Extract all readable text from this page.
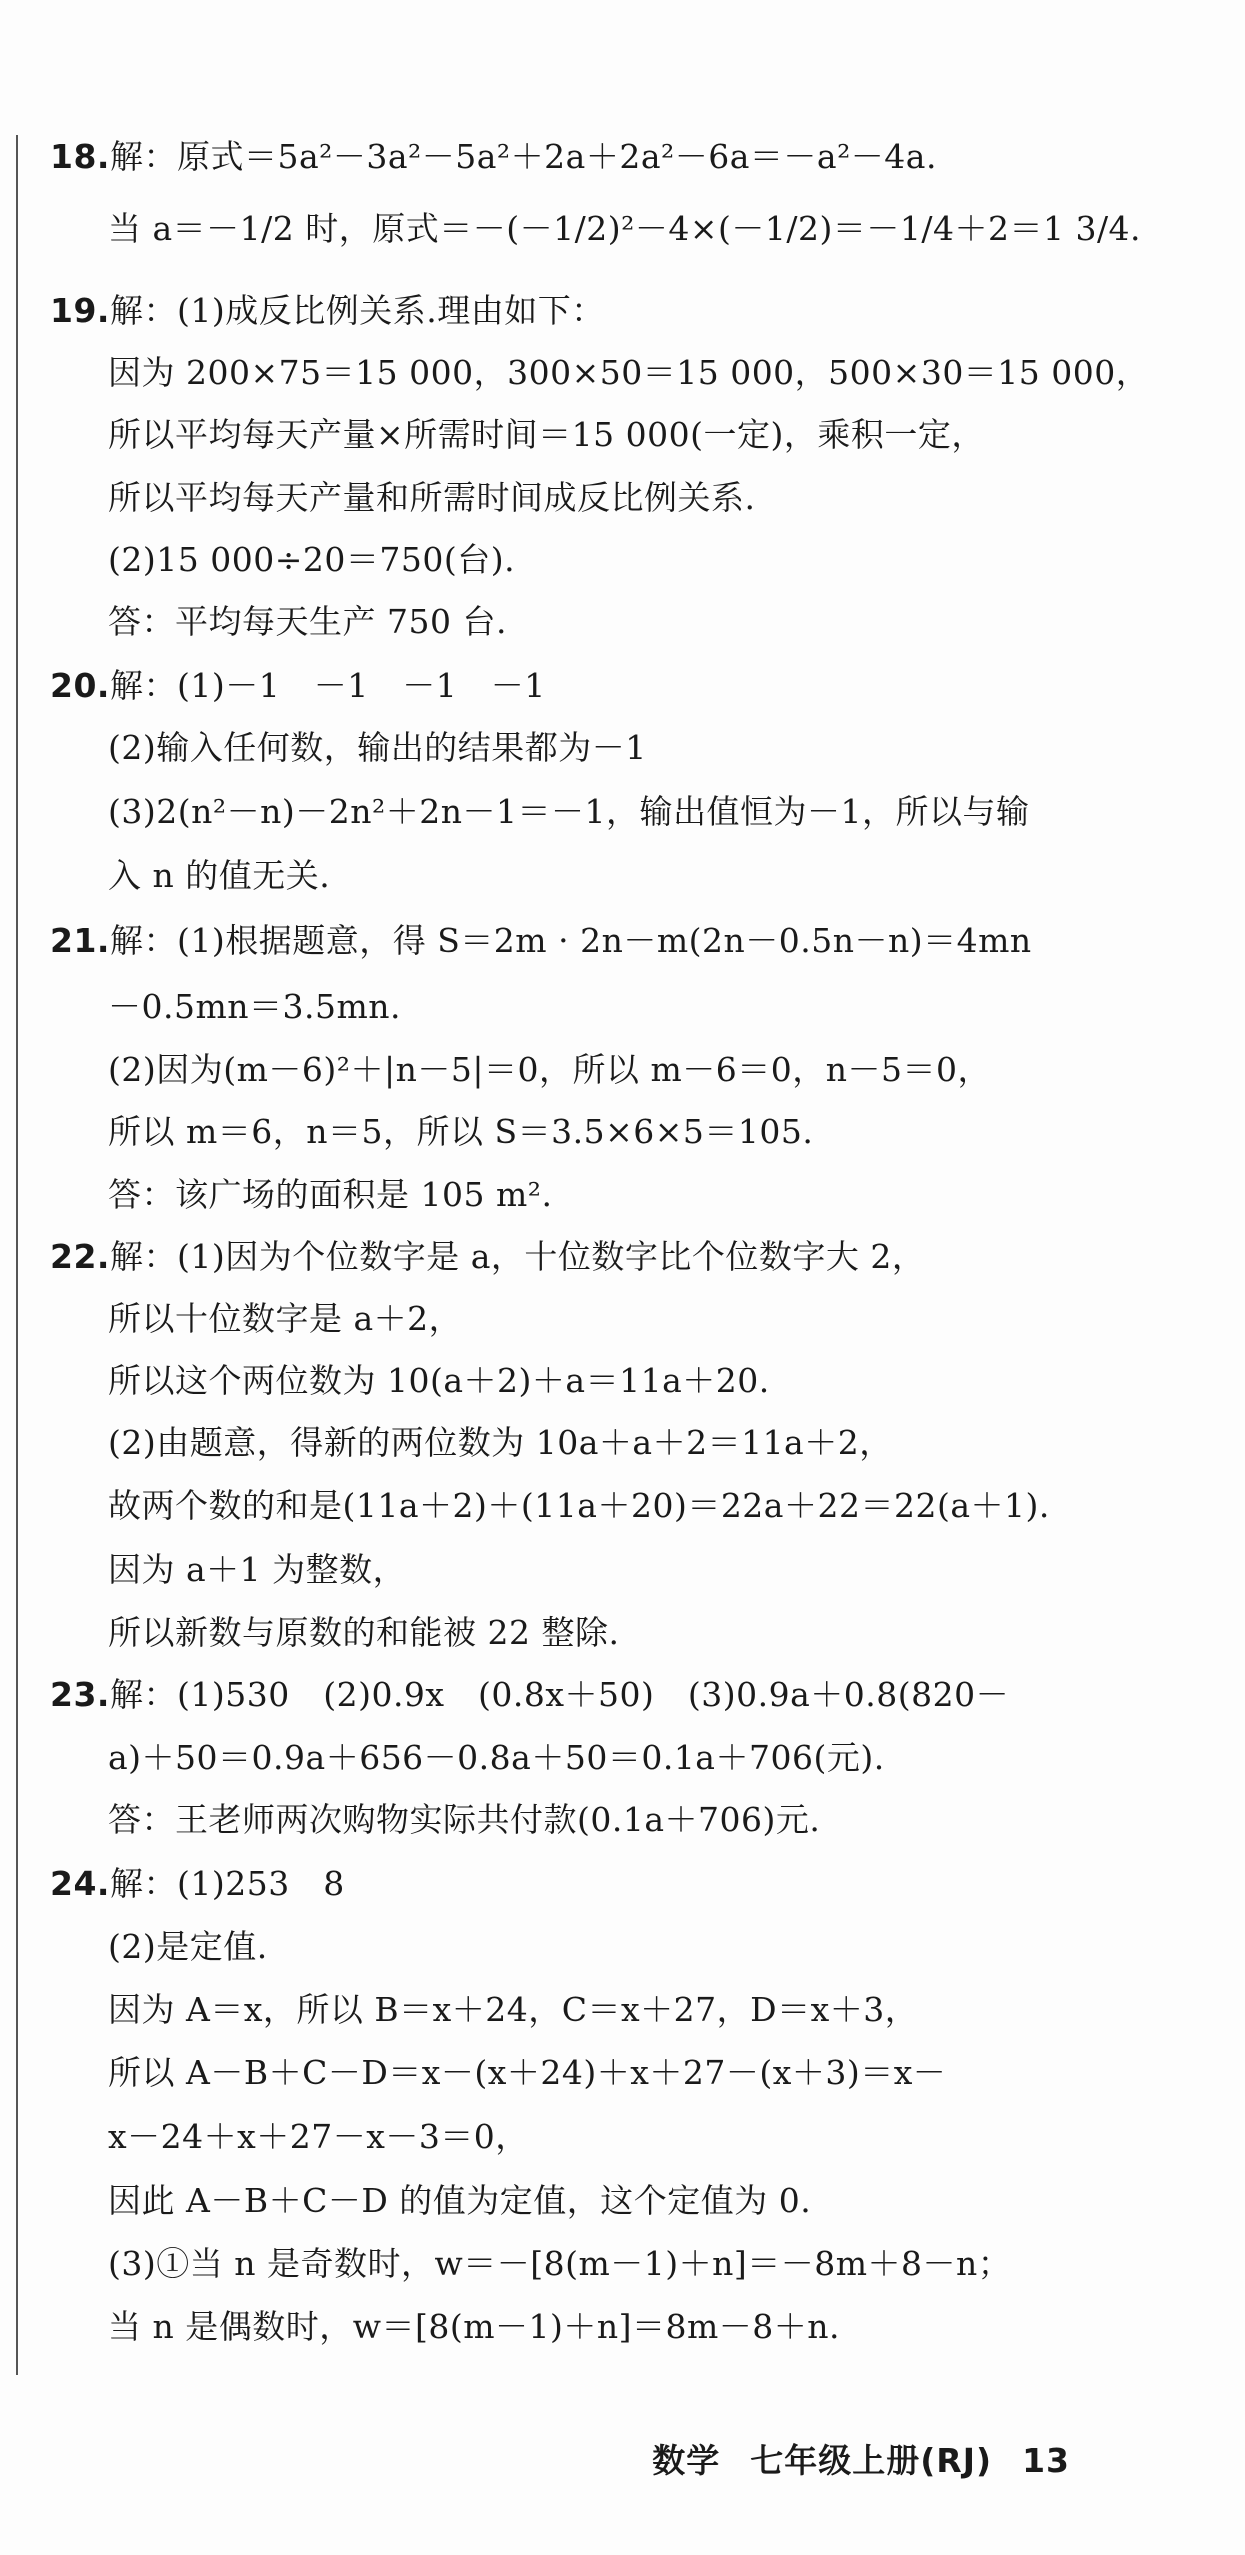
18.解：原式＝5a²－3a²－5a²＋2a＋2a²－6a＝－a²－4a.
当 a＝－1/2 时，原式＝－(－1/2)²－4×(－1/2)＝－1/4＋2＝1 3/4.
19.解：(1)成反比例关系.理由如下：
因为 200×75＝15 000，300×50＝15 000，500×30＝15 000，
所以平均每天产量×所需时间＝15 000(一定)，乘积一定，
所以平均每天产量和所需时间成反比例关系.
(2)15 000÷20＝750(台).
答：平均每天生产 750 台.
20.解：(1)－1　－1　－1　－1
(2)输入任何数，输出的结果都为－1
(3)2(n²－n)－2n²＋2n－1＝－1，输出值恒为－1，所以与输
入 n 的值无关.
21.解：(1)根据题意，得 S＝2m · 2n－m(2n－0.5n－n)＝4mn
－0.5mn＝3.5mn.
(2)因为(m－6)²＋|n－5|＝0，所以 m－6＝0，n－5＝0，
所以 m＝6，n＝5，所以 S＝3.5×6×5＝105.
答：该广场的面积是 105 m².
22.解：(1)因为个位数字是 a，十位数字比个位数字大 2，
所以十位数字是 a＋2，
所以这个两位数为 10(a＋2)＋a＝11a＋20.
(2)由题意，得新的两位数为 10a＋a＋2＝11a＋2，
故两个数的和是(11a＋2)＋(11a＋20)＝22a＋22＝22(a＋1).
因为 a＋1 为整数，
所以新数与原数的和能被 22 整除.
23.解：(1)530　(2)0.9x　(0.8x＋50)　(3)0.9a＋0.8(820－
a)＋50＝0.9a＋656－0.8a＋50＝0.1a＋706(元).
答：王老师两次购物实际共付款(0.1a＋706)元.
24.解：(1)253　8
(2)是定值.
因为 A＝x，所以 B＝x＋24，C＝x＋27，D＝x＋3，
所以 A－B＋C－D＝x－(x＋24)＋x＋27－(x＋3)＝x－
x－24＋x＋27－x－3＝0，
因此 A－B＋C－D 的值为定值，这个定值为 0.
(3)①当 n 是奇数时，w＝－[8(m－1)＋n]＝－8m＋8－n；
当 n 是偶数时，w＝[8(m－1)＋n]＝8m－8＋n.
数学 七年级上册(RJ) 13
